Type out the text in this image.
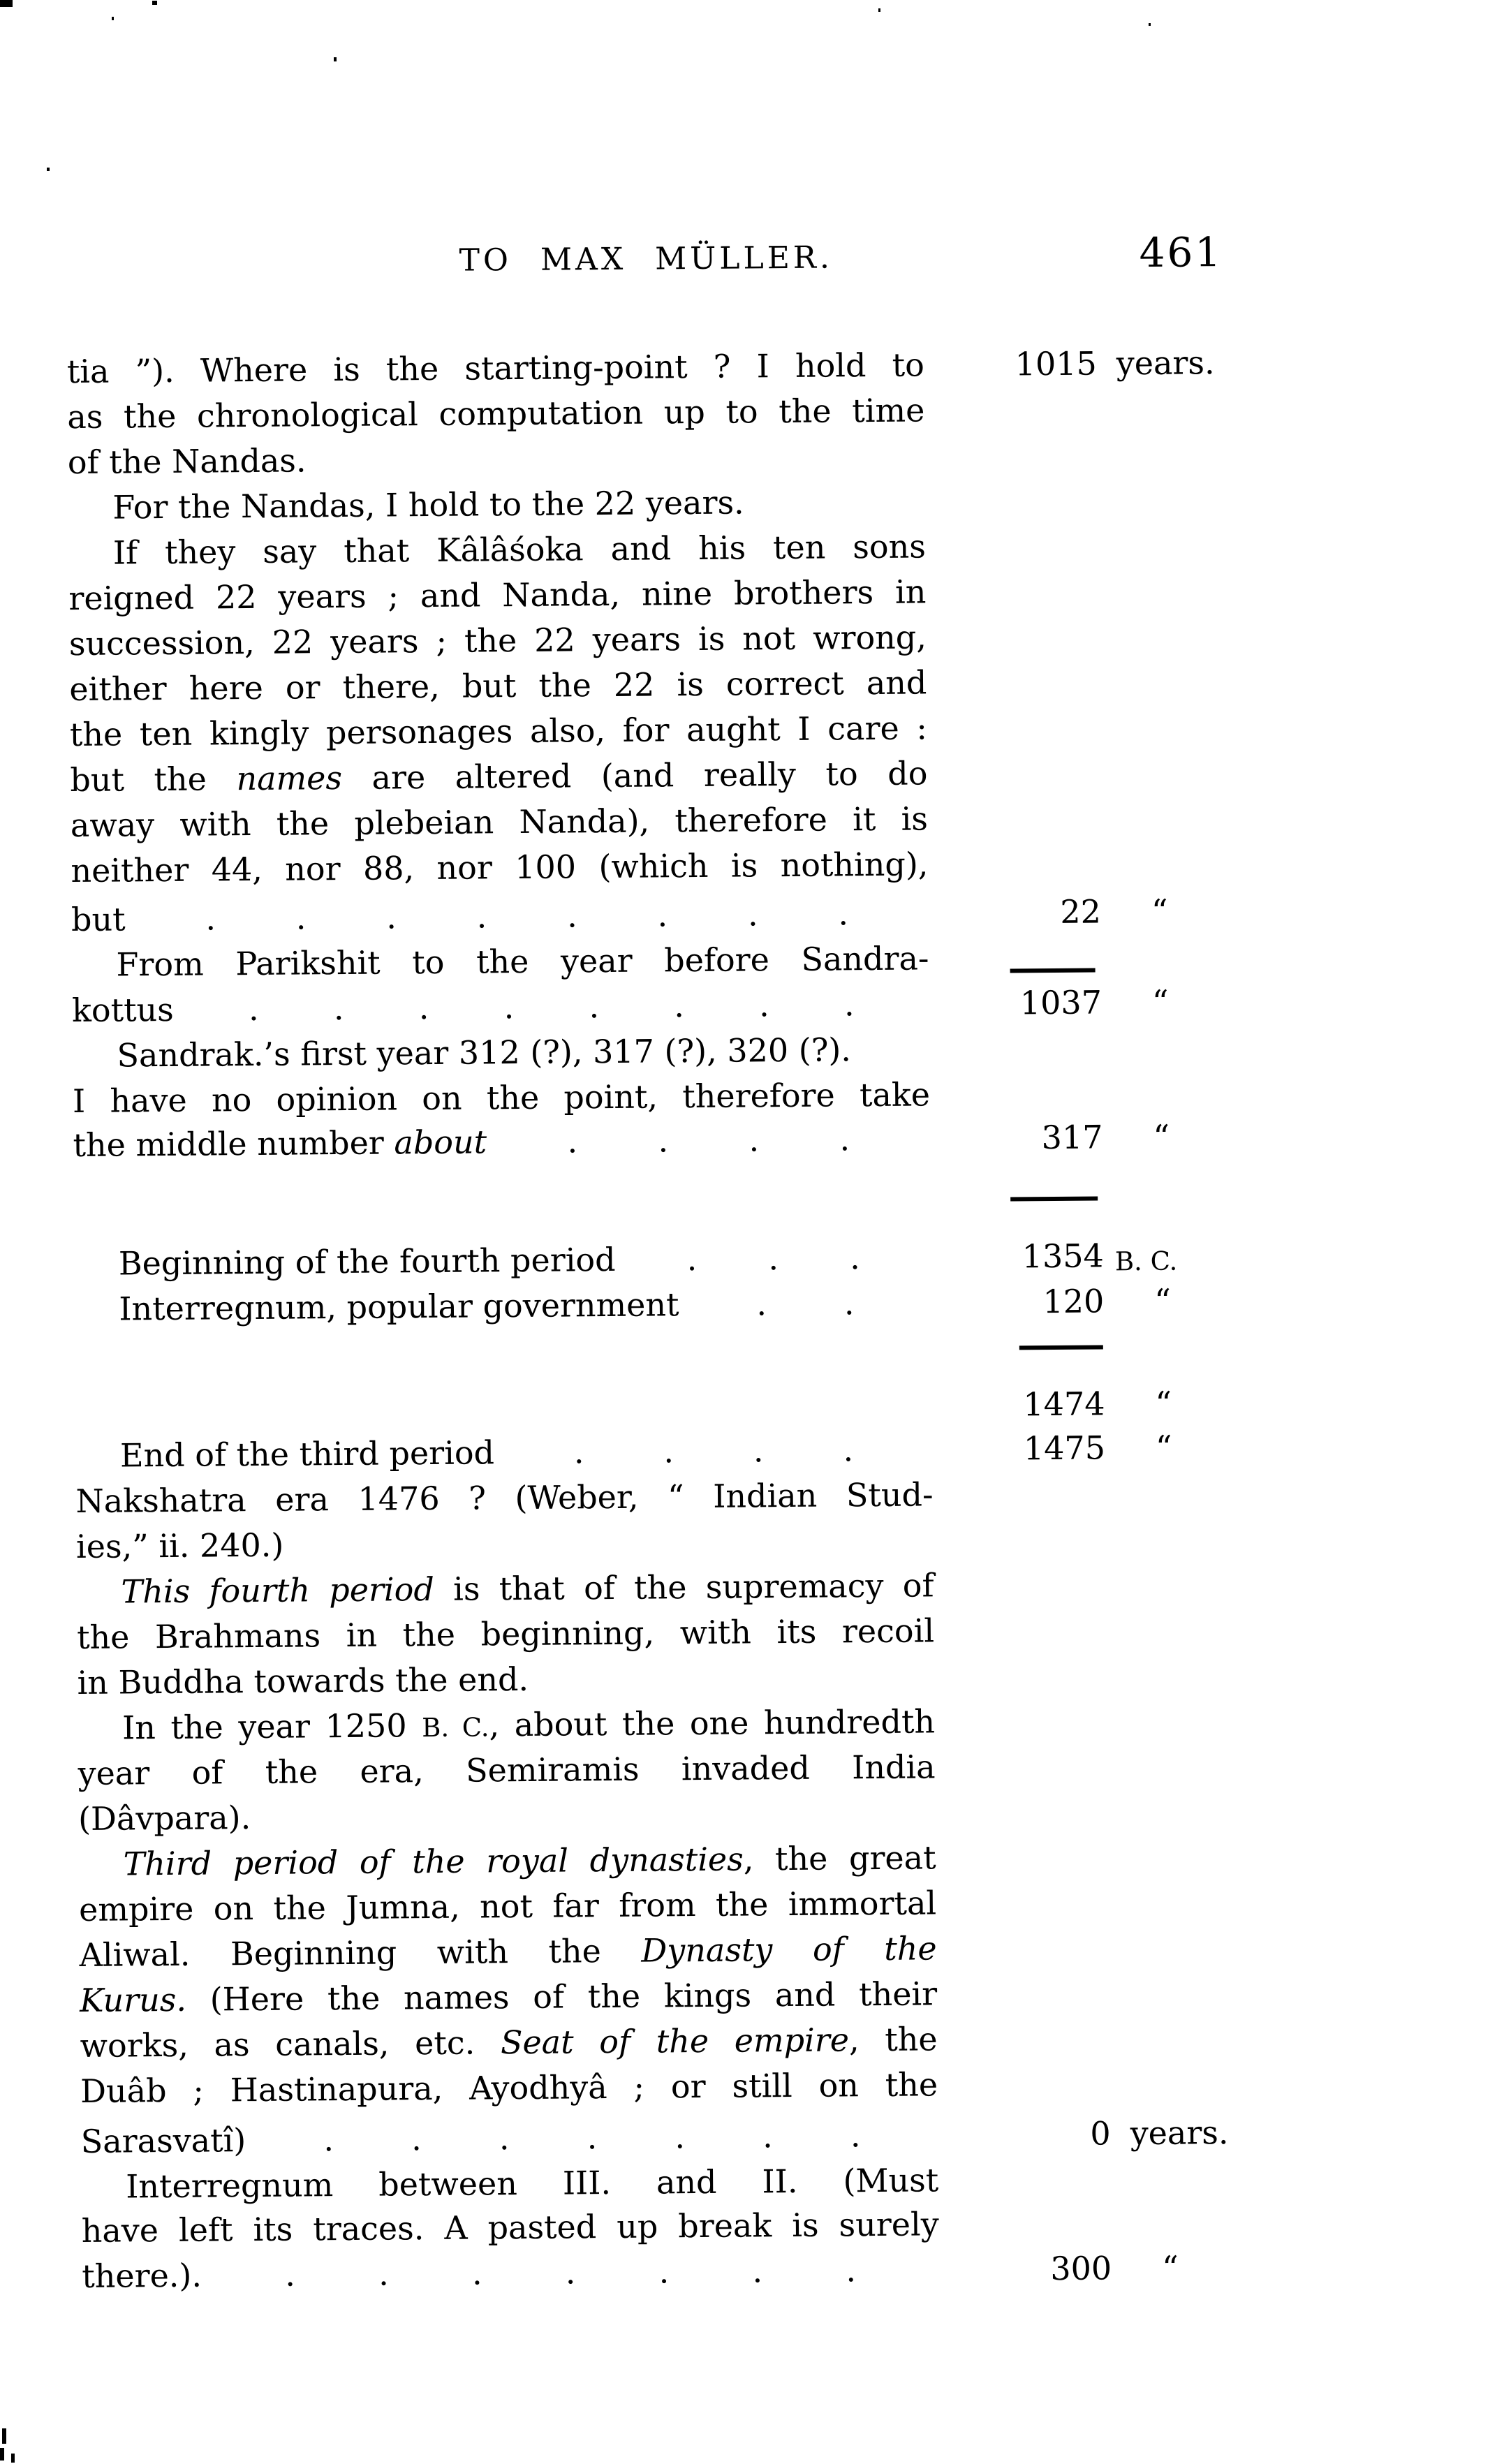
TO MAX MÜLLER.	461
tia ”). Where is the starting-point ? I hold to	1015 years.
as the chronological computation up to the time
of the Nandas.
For the Nandas, I hold to the 22 years.
If they say that Kâlâśoka and his ten sons
reigned 22 years ; and Nanda, nine brothers in
succession, 22 years ; the 22 years is not wrong,
either here or there, but the 22 is correct and
the ten kingly personages also, for aught I care :
but the names are altered (and really to do
away with the plebeian Nanda), therefore it is
neither 44, nor 88, nor 100 (which is nothing),
but . . . . . . . .	22 “
From Parikshit to the year before Sandra-
kottus . . . . . . . .	1037 “
Sandrak.’s first year 312 (?), 317 (?), 320 (?).
I have no opinion on the point, therefore take
the middle number about . . . .	317 “
Beginning of the fourth period . . .	1354 B. C.
Interregnum, popular government . .	120 “
1474 “
End of the third period . . . .	1475 “
Nakshatra era 1476 ? (Weber, “ Indian Stud-
ies,” ii. 240.)
This fourth period is that of the supremacy of
the Brahmans in the beginning, with its recoil
in Buddha towards the end.
In the year 1250 B. C., about the one hundredth
year of the era, Semiramis invaded India
(Dâvpara).
Third period of the royal dynasties, the great
empire on the Jumna, not far from the immortal
Aliwal. Beginning with the Dynasty of the
Kurus. (Here the names of the kings and their
works, as canals, etc. Seat of the empire, the
Duâb ; Hastinapura, Ayodhyâ ; or still on the
Sarasvatî) . . . . . . .	0 years.
Interregnum between III. and II. (Must
have left its traces. A pasted up break is surely
there.).	.	.	.	.	.	.	.	300 “
